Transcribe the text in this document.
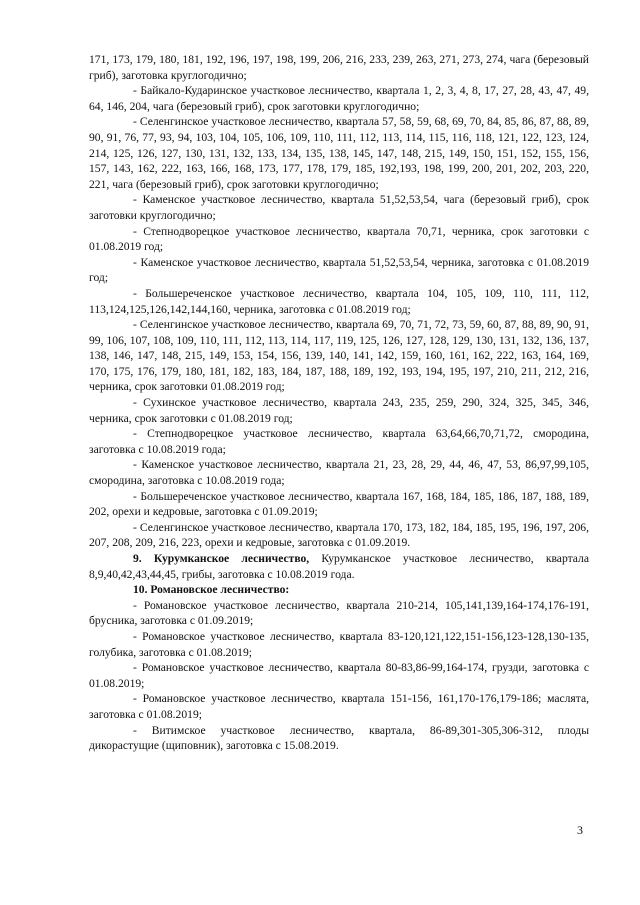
171, 173, 179, 180, 181, 192, 196, 197, 198, 199, 206, 216, 233, 239, 263, 271, 273, 274, чага (березовый гриб), заготовка круглогодично;

- Байкало-Кударинское участковое лесничество, квартала 1, 2, 3, 4, 8, 17, 27, 28, 43, 47, 49, 64, 146, 204, чага (березовый гриб), срок заготовки круглогодично;

- Селенгинское участковое лесничество, квартала 57, 58, 59, 68, 69, 70, 84, 85, 86, 87, 88, 89, 90, 91, 76, 77, 93, 94, 103, 104, 105, 106, 109, 110, 111, 112, 113, 114, 115, 116, 118, 121, 122, 123, 124, 214, 125, 126, 127, 130, 131, 132, 133, 134, 135, 138, 145, 147, 148, 215, 149, 150, 151, 152, 155, 156, 157, 143, 162, 222, 163, 166, 168, 173, 177, 178, 179, 185, 192,193, 198, 199, 200, 201, 202, 203, 220, 221, чага (березовый гриб), срок заготовки круглогодично;

- Каменское участковое лесничество, квартала 51,52,53,54, чага (березовый гриб), срок заготовки круглогодично;

- Степнодворецкое участковое лесничество, квартала 70,71, черника, срок заготовки с 01.08.2019 год;

- Каменское участковое лесничество, квартала 51,52,53,54, черника, заготовка с 01.08.2019 год;

- Большереченское участковое лесничество, квартала 104, 105, 109, 110, 111, 112, 113,124,125,126,142,144,160, черника, заготовка с 01.08.2019 год;

- Селенгинское участковое лесничество, квартала 69, 70, 71, 72, 73, 59, 60, 87, 88, 89, 90, 91, 99, 106, 107, 108, 109, 110, 111, 112, 113, 114, 117, 119, 125, 126, 127, 128, 129, 130, 131, 132, 136, 137, 138, 146, 147, 148, 215, 149, 153, 154, 156, 139, 140, 141, 142, 159, 160, 161, 162, 222, 163, 164, 169, 170, 175, 176, 179, 180, 181, 182, 183, 184, 187, 188, 189, 192, 193, 194, 195, 197, 210, 211, 212, 216, черника, срок заготовки 01.08.2019 год;

- Сухинское участковое лесничество, квартала 243, 235, 259, 290, 324, 325, 345, 346, черника, срок заготовки с 01.08.2019 год;

- Степнодворецкое участковое лесничество, квартала 63,64,66,70,71,72, смородина, заготовка с 10.08.2019 года;

- Каменское участковое лесничество, квартала 21, 23, 28, 29, 44, 46, 47, 53, 86,97,99,105, смородина, заготовка с 10.08.2019 года;

- Большереченское участковое лесничество, квартала 167, 168, 184, 185, 186, 187, 188, 189, 202, орехи и кедровые, заготовка с 01.09.2019;

- Селенгинское участковое лесничество, квартала 170, 173, 182, 184, 185, 195, 196, 197, 206, 207, 208, 209, 216, 223, орехи и кедровые, заготовка с 01.09.2019.

9. Курумканское лесничество, Курумканское участковое лесничество, квартала 8,9,40,42,43,44,45, грибы, заготовка с 10.08.2019 года.

10. Романовское лесничество:

- Романовское участковое лесничество, квартала 210-214, 105,141,139,164-174,176-191, брусника, заготовка с 01.09.2019;

- Романовское участковое лесничество, квартала 83-120,121,122,151-156,123-128,130-135, голубика, заготовка с 01.08.2019;

- Романовское участковое лесничество, квартала 80-83,86-99,164-174, грузди, заготовка с 01.08.2019;

- Романовское участковое лесничество, квартала 151-156, 161,170-176,179-186; маслята, заготовка с 01.08.2019;

- Витимское участковое лесничество, квартала, 86-89,301-305,306-312, плоды дикорастущие (щиповник), заготовка с 15.08.2019.

3
